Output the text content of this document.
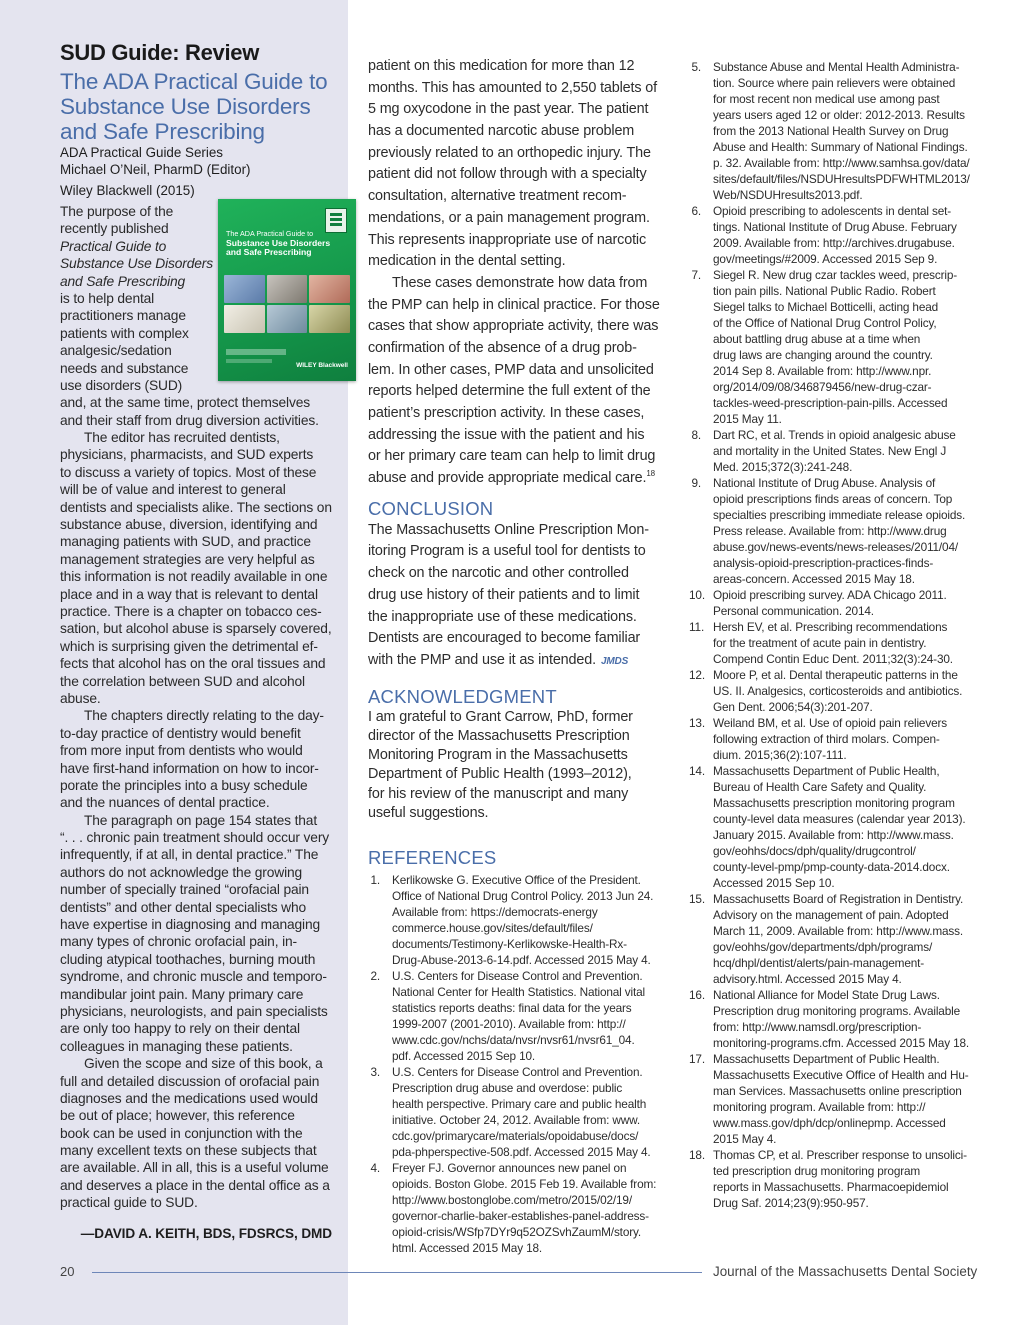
SUD Guide: Review
The ADA Practical Guide to
Substance Use Disorders
and Safe Prescribing
ADA Practical Guide Series
Michael O’Neil, PharmD (Editor)
Wiley Blackwell (2015)
The ADA Practical Guide to
Substance Use Disorders
and Safe Prescribing
WILEY Blackwell
The purpose of the
recently published
Practical Guide to
Substance Use Disorders
and Safe Prescribing
is to help dental
practitioners manage
patients with complex
analgesic/sedation
needs and substance
use disorders (SUD)
and, at the same time, protect themselves
and their staff from drug diversion activities.
The editor has recruited dentists,
physicians, pharmacists, and SUD experts
to discuss a variety of topics. Most of these
will be of value and interest to general
dentists and specialists alike. The sections on
substance abuse, diversion, identifying and
managing patients with SUD, and practice
management strategies are very helpful as
this information is not readily available in one
place and in a way that is relevant to dental
practice. There is a chapter on tobacco ces-
sation, but alcohol abuse is sparsely covered,
which is surprising given the detrimental ef-
fects that alcohol has on the oral tissues and
the correlation between SUD and alcohol
abuse.
The chapters directly relating to the day-
to-day practice of dentistry would benefit
from more input from dentists who would
have first-hand information on how to incor-
porate the principles into a busy schedule
and the nuances of dental practice.
The paragraph on page 154 states that
“. . . chronic pain treatment should occur very
infrequently, if at all, in dental practice.” The
authors do not acknowledge the growing
number of specially trained “orofacial pain
dentists” and other dental specialists who
have expertise in diagnosing and managing
many types of chronic orofacial pain, in-
cluding atypical toothaches, burning mouth
syndrome, and chronic muscle and temporo-
mandibular joint pain. Many primary care
physicians, neurologists, and pain specialists
are only too happy to rely on their dental
colleagues in managing these patients.
Given the scope and size of this book, a
full and detailed discussion of orofacial pain
diagnoses and the medications used would
be out of place; however, this reference
book can be used in conjunction with the
many excellent texts on these subjects that
are available. All in all, this is a useful volume
and deserves a place in the dental office as a
practical guide to SUD.
—DAVID A. KEITH, BDS, FDSRCS, DMD
patient on this medication for more than 12
months. This has amounted to 2,550 tablets of
5 mg oxycodone in the past year. The patient
has a documented narcotic abuse problem
previously related to an orthopedic injury. The
patient did not follow through with a specialty
consultation, alternative treatment recom-
mendations, or a pain management program.
This represents inappropriate use of narcotic
medication in the dental setting.
These cases demonstrate how data from
the PMP can help in clinical practice. For those
cases that show appropriate activity, there was
confirmation of the absence of a drug prob-
lem. In other cases, PMP data and unsolicited
reports helped determine the full extent of the
patient’s prescription activity. In these cases,
addressing the issue with the patient and his
or her primary care team can help to limit drug
abuse and provide appropriate medical care.$^{18}$
CONCLUSION
The Massachusetts Online Prescription Mon-
itoring Program is a useful tool for dentists to
check on the narcotic and other controlled
drug use history of their patients and to limit
the inappropriate use of these medications.
Dentists are encouraged to become familiar
with the PMP and use it as intended. JMDS
ACKNOWLEDGMENT
I am grateful to Grant Carrow, PhD, former
director of the Massachusetts Prescription
Monitoring Program in the Massachusetts
Department of Public Health (1993–2012),
for his review of the manuscript and many
useful suggestions.
REFERENCES
1. Kerlikowske G. Executive Office of the President.
Office of National Drug Control Policy. 2013 Jun 24.
Available from: https://democrats-energy
commerce.house.gov/sites/default/files/
documents/Testimony-Kerlikowske-Health-Rx-
Drug-Abuse-2013-6-14.pdf. Accessed 2015 May 4.
2. U.S. Centers for Disease Control and Prevention.
National Center for Health Statistics. National vital
statistics reports deaths: final data for the years
1999-2007 (2001-2010). Available from: http://
www.cdc.gov/nchs/data/nvsr/nvsr61/nvsr61_04.
pdf. Accessed 2015 Sep 10.
3. U.S. Centers for Disease Control and Prevention.
Prescription drug abuse and overdose: public
health perspective. Primary care and public health
initiative. October 24, 2012. Available from: www.
cdc.gov/primarycare/materials/opoidabuse/docs/
pda-phperspective-508.pdf. Accessed 2015 May 4.
4. Freyer FJ. Governor announces new panel on
opioids. Boston Globe. 2015 Feb 19. Available from:
http://www.bostonglobe.com/metro/2015/02/19/
governor-charlie-baker-establishes-panel-address-
opioid-crisis/WSfp7DYr9q52OZSvhZaumM/story.
html. Accessed 2015 May 18.
5. Substance Abuse and Mental Health Administra-
tion. Source where pain relievers were obtained
for most recent non medical use among past
years users aged 12 or older: 2012-2013. Results
from the 2013 National Health Survey on Drug
Abuse and Health: Summary of National Findings.
p. 32. Available from: http://www.samhsa.gov/data/
sites/default/files/NSDUHresultsPDFWHTML2013/
Web/NSDUHresults2013.pdf.
6. Opioid prescribing to adolescents in dental set-
tings. National Institute of Drug Abuse. February
2009. Available from: http://archives.drugabuse.
gov/meetings/#2009. Accessed 2015 Sep 9.
7. Siegel R. New drug czar tackles weed, prescrip-
tion pain pills. National Public Radio. Robert
Siegel talks to Michael Botticelli, acting head
of the Office of National Drug Control Policy,
about battling drug abuse at a time when
drug laws are changing around the country.
2014 Sep 8. Available from: http://www.npr.
org/2014/09/08/346879456/new-drug-czar-
tackles-weed-prescription-pain-pills. Accessed
2015 May 11.
8. Dart RC, et al. Trends in opioid analgesic abuse
and mortality in the United States. New Engl J
Med. 2015;372(3):241-248.
9. National Institute of Drug Abuse. Analysis of
opioid prescriptions finds areas of concern. Top
specialties prescribing immediate release opioids.
Press release. Available from: http://www.drug
abuse.gov/news-events/news-releases/2011/04/
analysis-opioid-prescription-practices-finds-
areas-concern. Accessed 2015 May 18.
10. Opioid prescribing survey. ADA Chicago 2011.
Personal communication. 2014.
11. Hersh EV, et al. Prescribing recommendations
for the treatment of acute pain in dentistry.
Compend Contin Educ Dent. 2011;32(3):24-30.
12. Moore P, et al. Dental therapeutic patterns in the
US. II. Analgesics, corticosteroids and antibiotics.
Gen Dent. 2006;54(3):201-207.
13. Weiland BM, et al. Use of opioid pain relievers
following extraction of third molars. Compen-
dium. 2015;36(2):107-111.
14. Massachusetts Department of Public Health,
Bureau of Health Care Safety and Quality.
Massachusetts prescription monitoring program
county-level data measures (calendar year 2013).
January 2015. Available from: http://www.mass.
gov/eohhs/docs/dph/quality/drugcontrol/
county-level-pmp/pmp-county-data-2014.docx.
Accessed 2015 Sep 10.
15. Massachusetts Board of Registration in Dentistry.
Advisory on the management of pain. Adopted
March 11, 2009. Available from: http://www.mass.
gov/eohhs/gov/departments/dph/programs/
hcq/dhpl/dentist/alerts/pain-management-
advisory.html. Accessed 2015 May 4.
16. National Alliance for Model State Drug Laws.
Prescription drug monitoring programs. Available
from: http://www.namsdl.org/prescription-
monitoring-programs.cfm. Accessed 2015 May 18.
17. Massachusetts Department of Public Health.
Massachusetts Executive Office of Health and Hu-
man Services. Massachusetts online prescription
monitoring program. Available from: http://
www.mass.gov/dph/dcp/onlinepmp. Accessed
2015 May 4.
18. Thomas CP, et al. Prescriber response to unsolici-
ted prescription drug monitoring program
reports in Massachusetts. Pharmacoepidemiol
Drug Saf. 2014;23(9):950-957.
20	Journal of the Massachusetts Dental Society
